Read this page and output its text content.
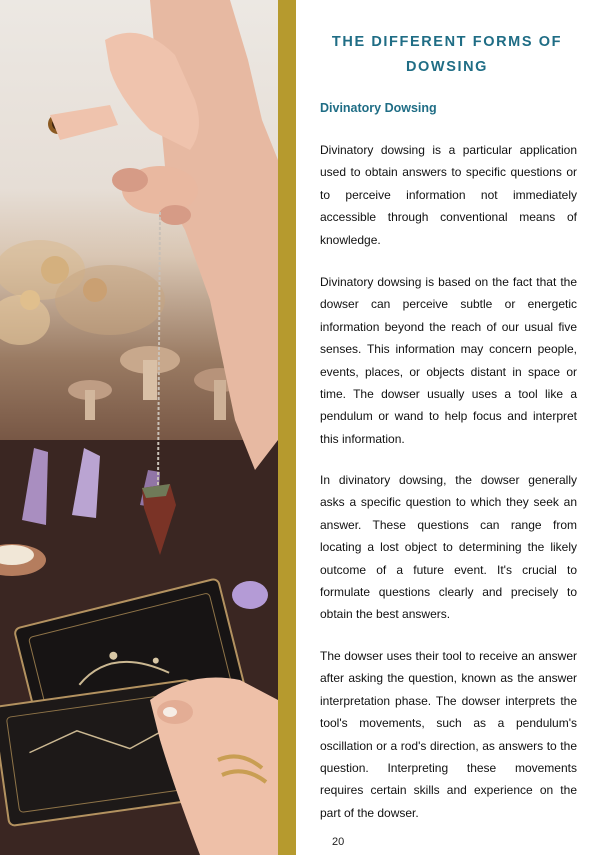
THE DIFFERENT FORMS OF
DOWSING
Divinatory Dowsing

Divinatory dowsing is a particular application used to obtain answers to specific questions or to perceive information not immediately accessible through conventional means of knowledge.

Divinatory dowsing is based on the fact that the dowser can perceive subtle or energetic information beyond the reach of our usual five senses. This information may concern people, events, places, or objects distant in space or time. The dowser usually uses a tool like a pendulum or wand to help focus and interpret this information.

In divinatory dowsing, the dowser generally asks a specific question to which they seek an answer. These questions can range from locating a lost object to determining the likely outcome of a future event. It's crucial to formulate questions clearly and precisely to obtain the best answers.

The dowser uses their tool to receive an answer after asking the question, known as the answer interpretation phase. The dowser interprets the tool's movements, such as a pendulum's oscillation or a rod's direction, as answers to the question. Interpreting these movements requires certain skills and experience on the part of the dowser.

20
